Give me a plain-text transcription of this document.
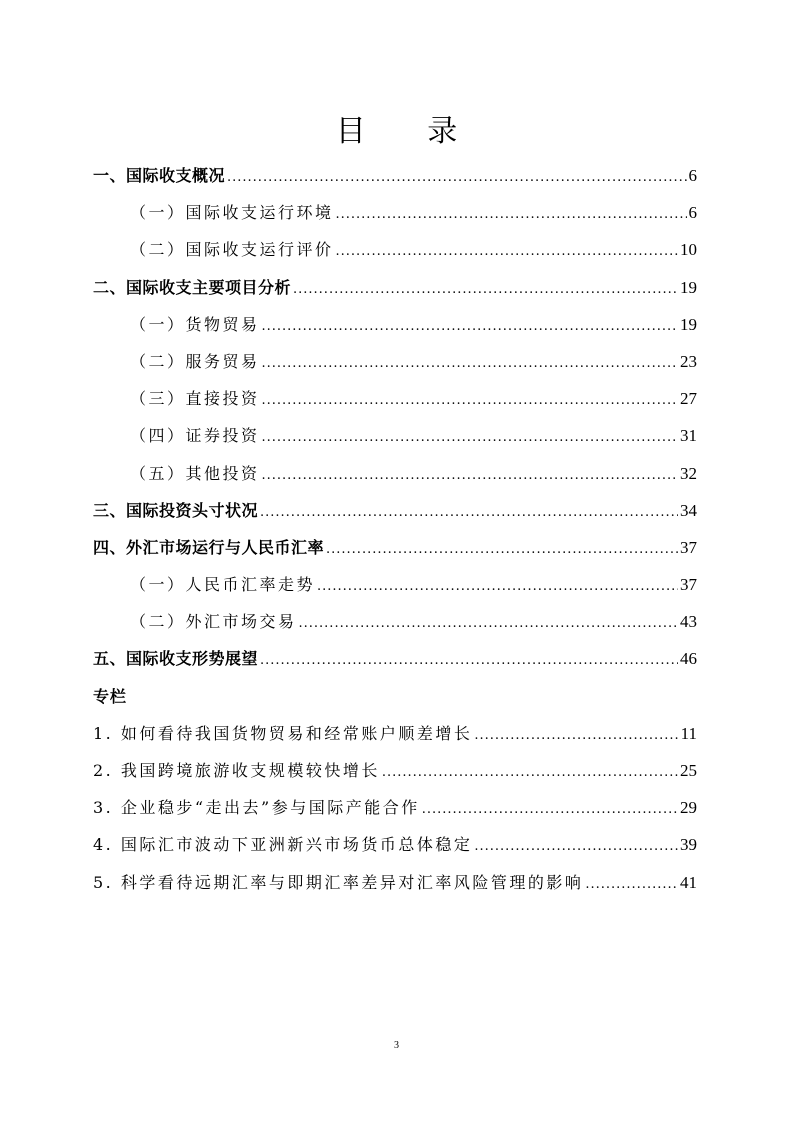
目 录
一、国际收支概况 .....	6
（一）国际收支运行环境 .....	6
（二）国际收支运行评价 .....	10
二、国际收支主要项目分析 .....	19
（一）货物贸易 .....	19
（二）服务贸易 .....	23
（三）直接投资 .....	27
（四）证券投资 .....	31
（五）其他投资 .....	32
三、国际投资头寸状况 .....	34
四、外汇市场运行与人民币汇率 .....	37
（一）人民币汇率走势 .....	37
（二）外汇市场交易 .....	43
五、国际收支形势展望 .....	46
专栏
1. 如何看待我国货物贸易和经常账户顺差增长 .....	11
2. 我国跨境旅游收支规模较快增长 .....	25
3. 企业稳步“走出去”参与国际产能合作 .....	29
4. 国际汇市波动下亚洲新兴市场货币总体稳定 .....	39
5. 科学看待远期汇率与即期汇率差异对汇率风险管理的影响 .....	41
3
